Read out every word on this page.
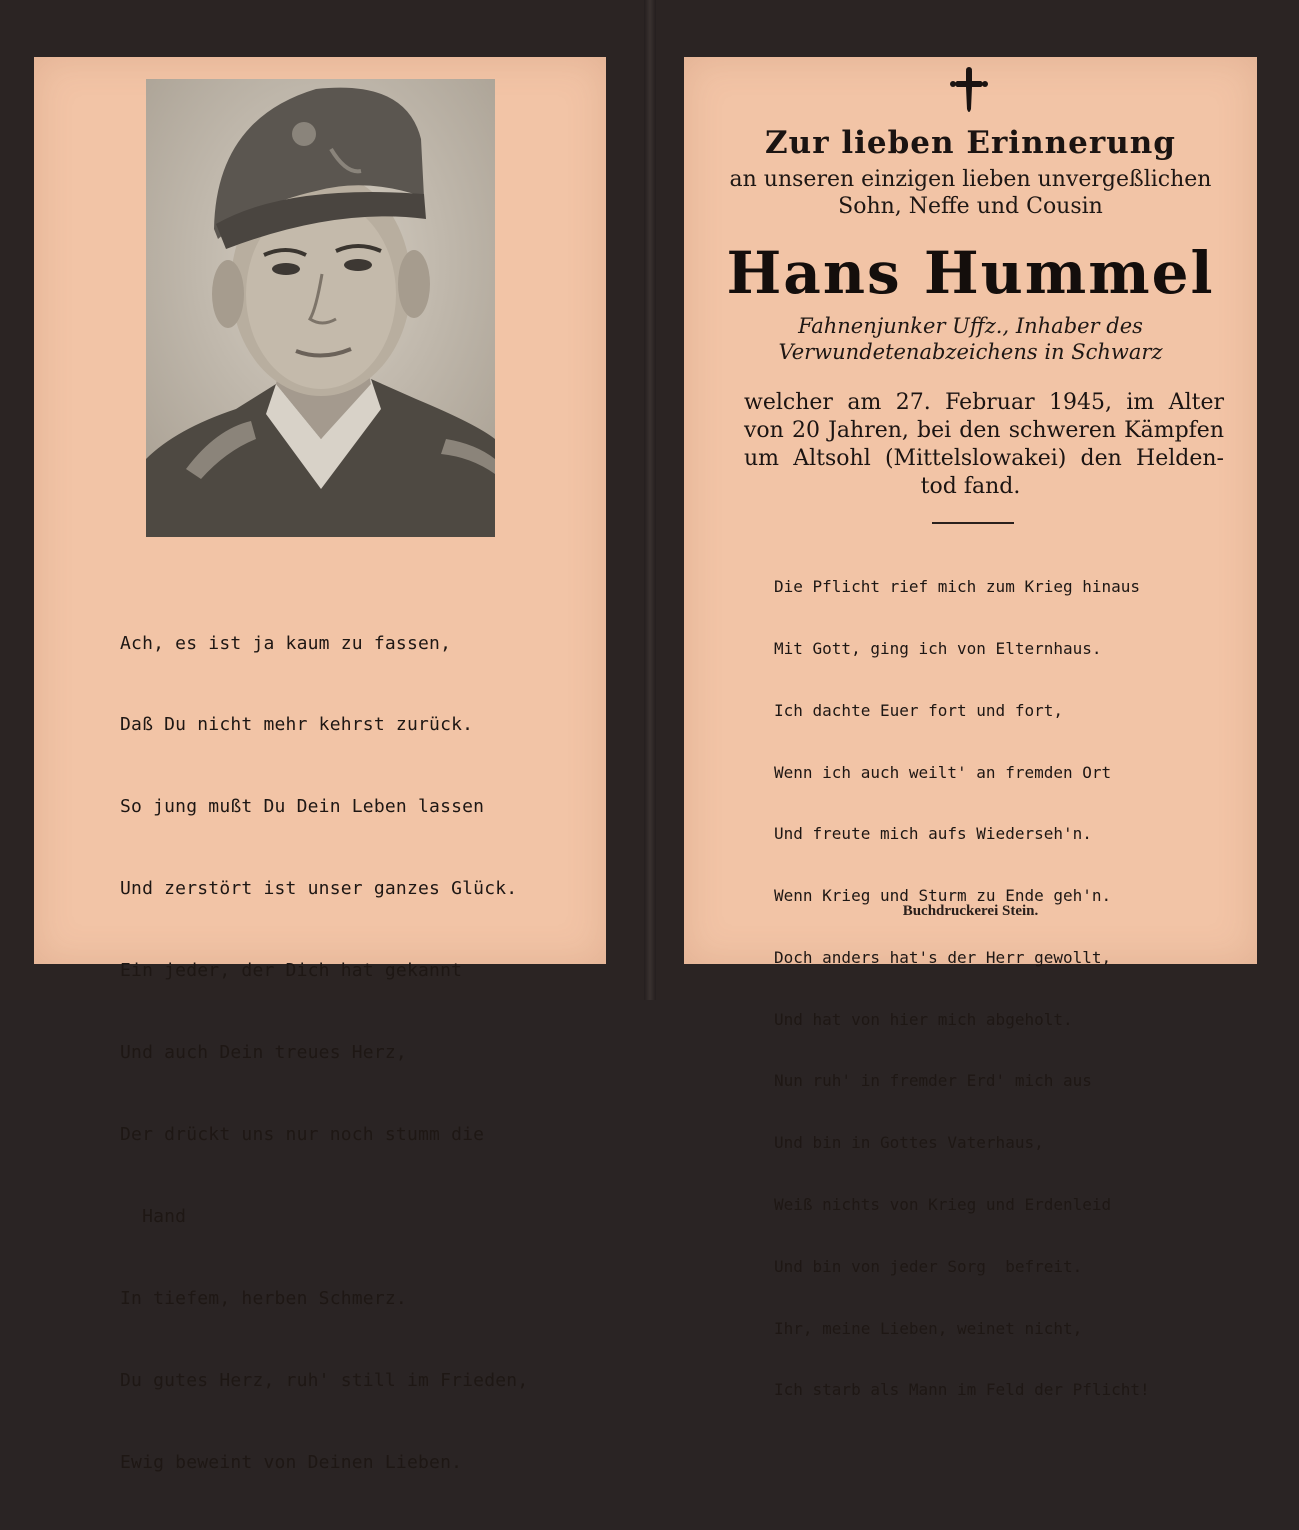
Ach, es ist ja kaum zu fassen,

Daß Du nicht mehr kehrst zurück.

So jung mußt Du Dein Leben lassen

Und zerstört ist unser ganzes Glück.

Ein jeder, der Dich hat gekannt

Und auch Dein treues Herz,

Der drückt uns nur noch stumm die

Hand

In tiefem, herben Schmerz.

Du gutes Herz, ruh' still im Frieden,

Ewig beweint von Deinen Lieben.

Zur lieben Erinnerung
an unseren einzigen lieben unvergeßlichen
Sohn, Neffe und Cousin
Hans Hummel
Fahnenjunker Uffz., Inhaber des
Verwundetenabzeichens in Schwarz
welcher am 27. Februar 1945, im Alter
von 20 Jahren, bei den schweren Kämpfen
um Altsohl (Mittelslowakei) den Helden-
tod fand.

Die Pflicht rief mich zum Krieg hinaus

Mit Gott, ging ich von Elternhaus.

Ich dachte Euer fort und fort,

Wenn ich auch weilt' an fremden Ort

Und freute mich aufs Wiederseh'n.

Wenn Krieg und Sturm zu Ende geh'n.

Doch anders hat's der Herr gewollt,

Und hat von hier mich abgeholt.

Nun ruh' in fremder Erd' mich aus

Und bin in Gottes Vaterhaus,

Weiß nichts von Krieg und Erdenleid

Und bin von jeder Sorg  befreit.

Ihr, meine Lieben, weinet nicht,

Ich starb als Mann im Feld der Pflicht!

Buchdruckerei Stein.
